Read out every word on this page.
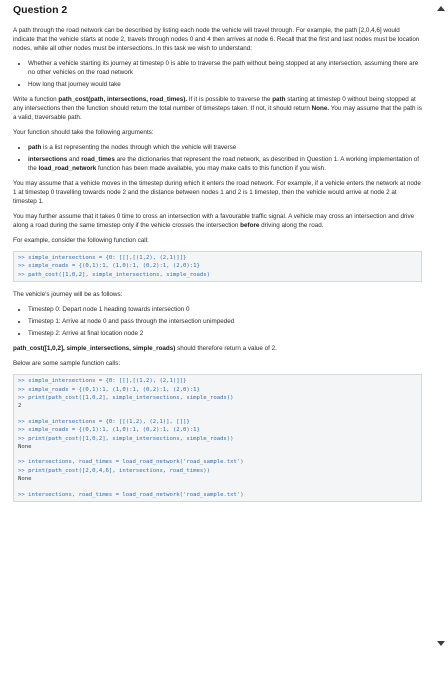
Question 2

A path through the road network can be described by listing each node the vehicle will travel through. For example, the path [2,0,4,6] would indicate that the vehicle starts at node 2, travels through nodes 0 and 4 then arrives at node 6. Recall that the first and last nodes must be location nodes, while all other nodes must be intersections. In this task we wish to understand:

• Whether a vehicle starting its journey at timestep 0 is able to traverse the path without being stopped at any intersection, assuming there are no other vehicles on the road network
• How long that journey would take

Write a function path_cost(path, intersections, road_times). If it is possible to traverse the path starting at timestep 0 without being stopped at any intersections then the function should return the total number of timesteps taken. If not, it should return None. You may assume that the path is a valid, traversable path.

Your function should take the following arguments:

• path is a list representing the nodes through which the vehicle will traverse
• intersections and road_times are the dictionaries that represent the road network, as described in Question 1. A working implementation of the load_road_network function has been made available, you may make calls to this function if you wish.

You may assume that a vehicle moves in the timestep during which it enters the road network. For example, if a vehicle enters the network at node 1 at timestep 0 travelling towards node 2 and the distance between nodes 1 and 2 is 1 timestep, then the vehicle would arrive at node 2 at timestep 1.

You may further assume that it takes 0 time to cross an intersection with a favourable traffic signal. A vehicle may cross an intersection and drive along a road during the same timestep only if the vehicle crosses the intersection before driving along the road.

For example, consider the following function call:

>> simple_intersections = {0: [[],[(1,2), (2,1)]]}
>> simple_roads = {(0,1):1, (1,0):1, (0,2):1, (2,0):1}
>> path_cost([1,0,2], simple_intersections, simple_roads)

The vehicle's journey will be as follows:

• Timestep 0: Depart node 1 heading towards intersection 0
• Timestep 1: Arrive at node 0 and pass through the intersection unimpeded
• Timestep 2: Arrive at final location node 2

path_cost([1,0,2], simple_intersections, simple_roads) should therefore return a value of 2.

Below are some sample function calls:

>> simple_intersections = {0: [[],[(1,2), (2,1)]]}
>> simple_roads = {(0,1):1, (1,0):1, (0,2):1, (2,0):1}
>> print(path_cost([1,0,2], simple_intersections, simple_roads))
2
>> simple_intersections = {0: [[(1,2), (2,1)], []]}
>> simple_roads = {(0,1):1, (1,0):1, (0,2):1, (2,0):1}
>> print(path_cost([1,0,2], simple_intersections, simple_roads))
None
>> intersections, road_times = load_road_network('road_sample.txt')
>> print(path_cost([2,0,4,6], intersections, road_times))
None
>> intersections, road_times = load_road_network('road_sample.txt')
